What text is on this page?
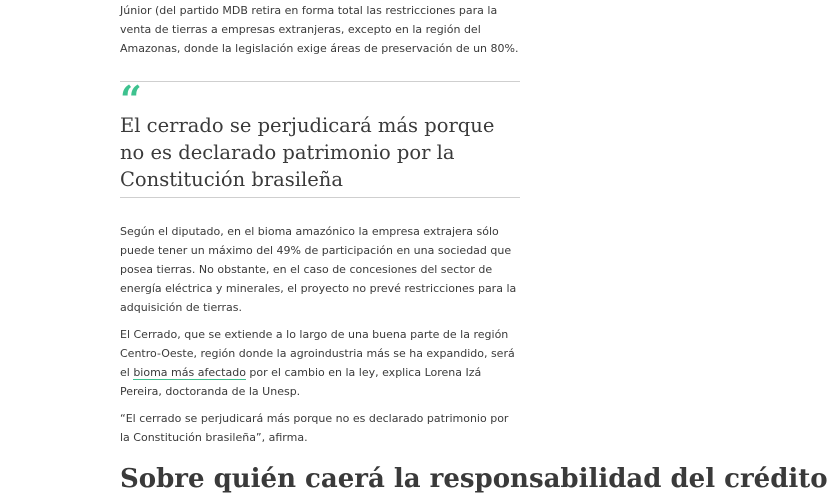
Júnior (del partido MDB retira en forma total las restricciones para la venta de tierras a empresas extranjeras, excepto en la región del Amazonas, donde la legislación exige áreas de preservación de un 80%.

“

El cerrado se perjudicará más porque no es declarado patrimonio por la Constitución brasileña

Según el diputado, en el bioma amazónico la empresa extrajera sólo puede tener un máximo del 49% de participación en una sociedad que posea tierras. No obstante, en el caso de concesiones del sector de energía eléctrica y minerales, el proyecto no prevé restricciones para la adquisición de tierras.

El Cerrado, que se extiende a lo largo de una buena parte de la región Centro-Oeste, región donde la agroindustria más se ha expandido, será el bioma más afectado por el cambio en la ley, explica Lorena Izá Pereira, doctoranda de la Unesp.

“El cerrado se perjudicará más porque no es declarado patrimonio por la Constitución brasileña”, afirma.

Sobre quién caerá la responsabilidad del crédito
